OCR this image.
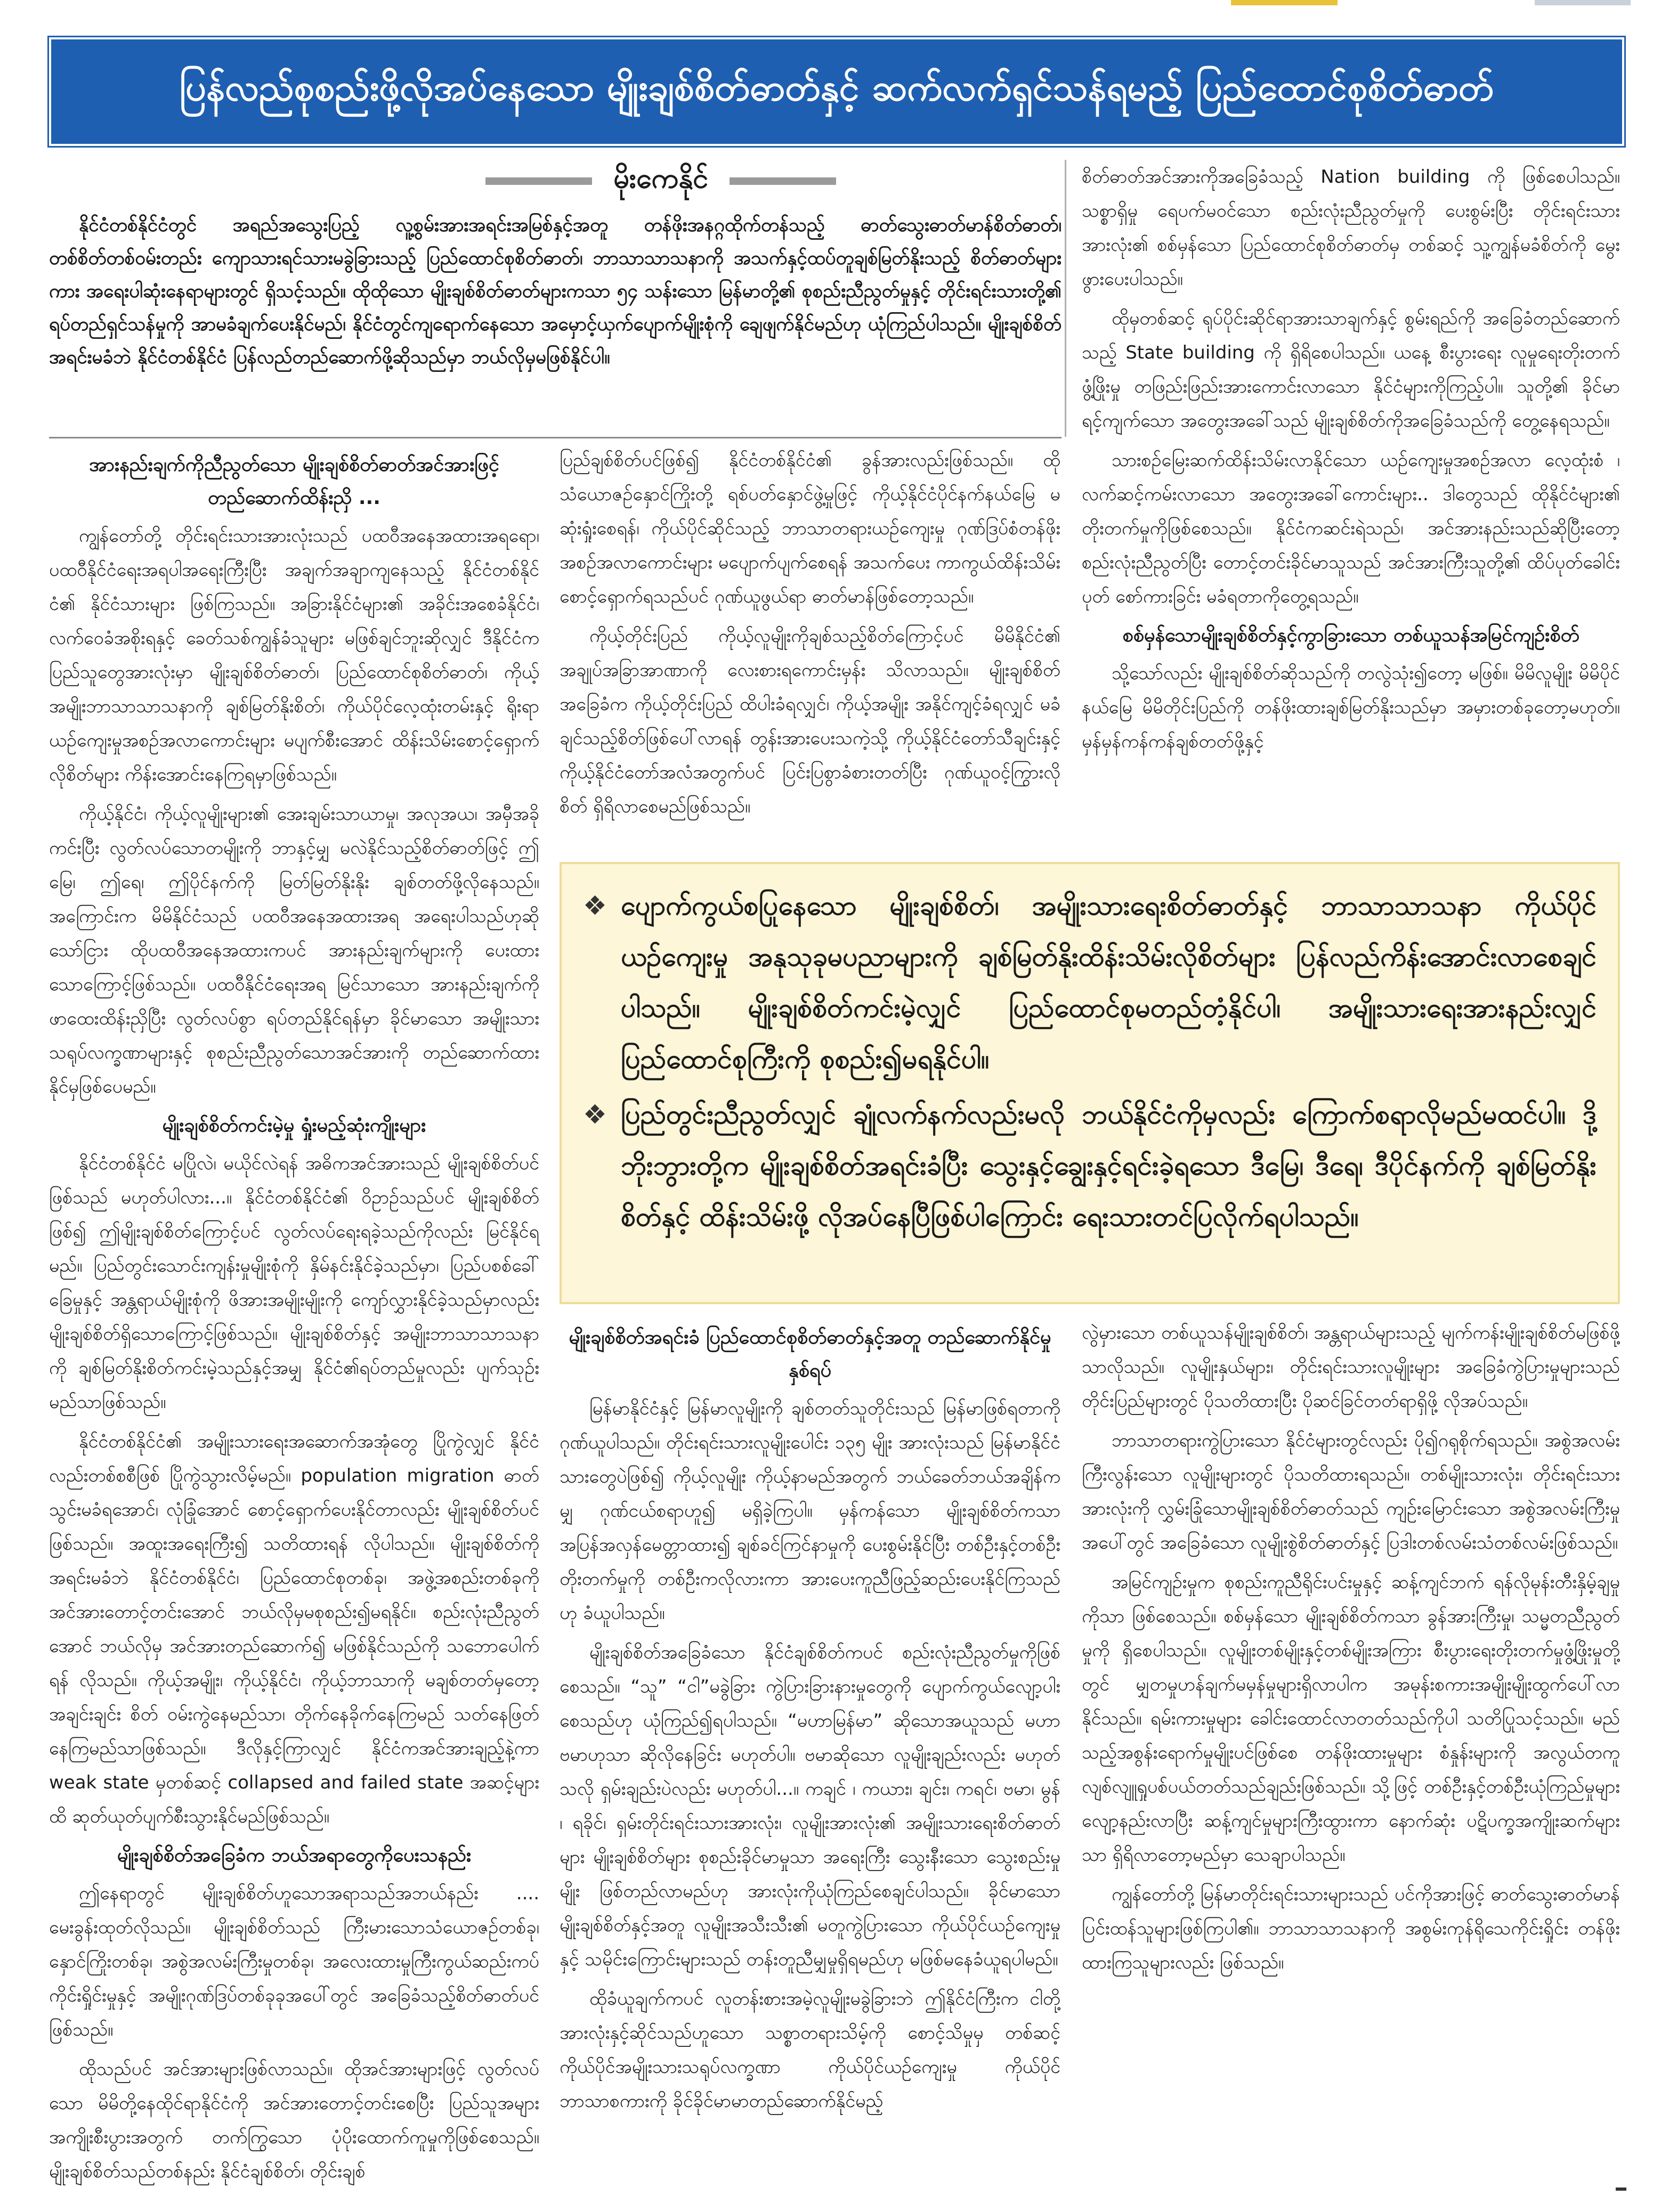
ပြန်လည်စုစည်းဖို့လိုအပ်နေသော မျိုးချစ်စိတ်ဓာတ်နှင့် ဆက်လက်ရှင်သန်ရမည့် ပြည်ထောင်စုစိတ်ဓာတ်
မိုးကေနိုင်

နိုင်ငံတစ်နိုင်ငံတွင် အရည်အသွေးပြည့် လူ့စွမ်းအားအရင်းအမြစ်နှင့်အတူ တန်ဖိုးအနဂ္ဂထိုက်တန်သည့် ဓာတ်သွေးဓာတ်မာန်စိတ်ဓာတ်၊ တစ်စိတ်တစ်ဝမ်းတည်း ကျောသားရင်သားမခွဲခြားသည့် ပြည်ထောင်စုစိတ်ဓာတ်၊ ဘာသာသာသနာကို အသက်နှင့်ထပ်တူချစ်မြတ်နိုးသည့် စိတ်ဓာတ်များကား အရေးပါဆုံးနေရာများတွင် ရှိသင့်သည်။ ထိုထိုသော မျိုးချစ်စိတ်ဓာတ်များကသာ ၅၄ သန်းသော မြန်မာတို့၏ စုစည်းညီညွတ်မှုနှင့် တိုင်းရင်းသားတို့၏ ရပ်တည်ရှင်သန်မှုကို အာမခံချက်ပေးနိုင်မည်၊ နိုင်ငံတွင်ကျရောက်နေသော အမှောင့်ယှက်ပျောက်မျိုးစုံကို ချေဖျက်နိုင်မည်ဟု ယုံကြည်ပါသည်။ မျိုးချစ်စိတ် အရင်းမခံဘဲ နိုင်ငံတစ်နိုင်ငံ ပြန်လည်တည်ဆောက်ဖို့ဆိုသည်မှာ ဘယ်လိုမှမဖြစ်နိုင်ပါ။

အားနည်းချက်ကိုညီညွတ်သော မျိုးချစ်စိတ်ဓာတ်အင်အားဖြင့် တည်ဆောက်ထိန်းညှိ ...

ကျွန်တော်တို့ တိုင်းရင်းသားအားလုံးသည် ပထဝီအနေအထားအရရော၊ ပထဝီနိုင်ငံရေးအရပါအရေးကြီးပြီး အချက်အချာကျနေသည့် နိုင်ငံတစ်နိုင်ငံ၏ နိုင်ငံသားများ ဖြစ်ကြသည်။ အခြားနိုင်ငံများ၏ အခိုင်းအစေခံနိုင်ငံ၊ လက်ဝေခံအစိုးရနှင့် ခေတ်သစ်ကျွန်ခံသူများ မဖြစ်ချင်ဘူးဆိုလျှင် ဒီနိုင်ငံက ပြည်သူတွေအားလုံးမှာ မျိုးချစ်စိတ်ဓာတ်၊ ပြည်ထောင်စုစိတ်ဓာတ်၊ ကိုယ့်အမျိုးဘာသာသာသနာကို ချစ်မြတ်နိုးစိတ်၊ ကိုယ်ပိုင်လေ့ထုံးတမ်းနှင့် ရိုးရာယဉ်ကျေးမှုအစဉ်အလာကောင်းများ မပျက်စီးအောင် ထိန်းသိမ်းစောင့်ရှောက်လိုစိတ်များ ကိန်းအောင်းနေကြရမှာဖြစ်သည်။

ကိုယ့်နိုင်ငံ၊ ကိုယ့်လူမျိုးများ၏ အေးချမ်းသာယာမှု၊ အလုအယ၊ အမှီအခိုကင်းပြီး လွတ်လပ်သောတမျိုးကို ဘာနှင့်မျှ မလဲနိုင်သည့်စိတ်ဓာတ်ဖြင့် ဤမြေ၊ ဤရေ၊ ဤပိုင်နက်ကို မြတ်မြတ်နိုးနိုး ချစ်တတ်ဖို့လိုနေသည်။ အကြောင်းက မိမိနိုင်ငံသည် ပထဝီအနေအထားအရ အရေးပါသည်ဟုဆိုသော်ငြား ထိုပထဝီအနေအထားကပင် အားနည်းချက်များကို ပေးထားသောကြောင့်ဖြစ်သည်။ ပထဝီနိုင်ငံရေးအရ မြင်သာသော အားနည်းချက်ကို ဖာထေးထိန်းညှိပြီး လွတ်လပ်စွာ ရပ်တည်နိုင်ရန်မှာ ခိုင်မာသော အမျိုးသားသရုပ်လက္ခဏာများနှင့် စုစည်းညီညွတ်သောအင်အားကို တည်ဆောက်ထားနိုင်မှဖြစ်ပေမည်။

မျိုးချစ်စိတ်ကင်းမဲ့မှု ရှုံးမည့်ဆုံးကျိုးများ

နိုင်ငံတစ်နိုင်ငံ မပြိုလဲ၊ မယိုင်လဲရန် အဓိကအင်အားသည် မျိုးချစ်စိတ်ပင်ဖြစ်သည် မဟုတ်ပါလား...။ နိုင်ငံတစ်နိုင်ငံ၏ ဝိဥာဉ်သည်ပင် မျိုးချစ်စိတ်ဖြစ်၍ ဤမျိုးချစ်စိတ်ကြောင့်ပင် လွတ်လပ်ရေးရခဲ့သည်ကိုလည်း မြင်နိုင်ရမည်။ ပြည်တွင်းသောင်းကျန်းမှုမျိုးစုံကို နှိမ်နင်းနိုင်ခဲ့သည်မှာ၊ ပြည်ပစစ်ခေါ်ခြေမှုနှင့် အန္တရာယ်မျိုးစုံကို ဖိအားအမျိုးမျိုးကို ကျော်လွှားနိုင်ခဲ့သည်မှာလည်း မျိုးချစ်စိတ်ရှိသောကြောင့်ဖြစ်သည်။ မျိုးချစ်စိတ်နှင့် အမျိုးဘာသာသာသနာကို ချစ်မြတ်နိုးစိတ်ကင်းမဲ့သည်နှင့်အမျှ နိုင်ငံ၏ရပ်တည်မှုလည်း ပျက်သုဉ်းမည်သာဖြစ်သည်။

နိုင်ငံတစ်နိုင်ငံ၏ အမျိုးသားရေးအဆောက်အအုံတွေ ပြိုကွဲလျှင် နိုင်ငံလည်းတစ်စစီဖြစ် ပြိုကွဲသွားလိမ့်မည်။ population migration ဓာတ်သွင်းမခံရအောင်၊ လုံခြုံအောင် စောင့်ရှောက်ပေးနိုင်တာလည်း မျိုးချစ်စိတ်ပင်ဖြစ်သည်။ အထူးအရေးကြီး၍ သတိထားရန် လိုပါသည်။ မျိုးချစ်စိတ်ကို အရင်းမခံဘဲ နိုင်ငံတစ်နိုင်ငံ၊ ပြည်ထောင်စုတစ်ခု၊ အဖွဲ့အစည်းတစ်ခုကို အင်အားတောင့်တင်းအောင် ဘယ်လိုမှမစုစည်း၍မရနိုင်။ စည်းလုံးညီညွတ်အောင် ဘယ်လိုမှ အင်အားတည်ဆောက်၍ မဖြစ်နိုင်သည်ကို သဘောပေါက်ရန် လိုသည်။ ကိုယ့်အမျိုး၊ ကိုယ့်နိုင်ငံ၊ ကိုယ့်ဘာသာကို မချစ်တတ်မှတော့ အချင်းချင်း စိတ် ဝမ်းကွဲနေမည်သာ၊ တိုက်နေခိုက်နေကြမည် သတ်နေဖြတ်နေကြမည်သာဖြစ်သည်။ ဒီလိုနှင့်ကြာလျှင် နိုင်ငံကအင်အားချည့်နဲ့ကာ weak state မှတစ်ဆင့် collapsed and failed state အဆင့်များထိ ဆုတ်ယုတ်ပျက်စီးသွားနိုင်မည်ဖြစ်သည်။

မျိုးချစ်စိတ်အခြေခံက ဘယ်အရာတွေကိုပေးသနည်း

ဤနေရာတွင် မျိုးချစ်စိတ်ဟူသောအရာသည်အဘယ်နည်း .... မေးခွန်းထုတ်လိုသည်။ မျိုးချစ်စိတ်သည် ကြီးမားသောသံယောဇဉ်တစ်ခု၊ နှောင်ကြိုးတစ်ခု၊ အစွဲအလမ်းကြီးမှုတစ်ခု၊ အလေးထားမှုကြီးကွယ်ဆည်းကပ်ကိုင်းရှိုင်းမှုနှင့် အမျိုးဂုဏ်ဒြပ်တစ်ခုခုအပေါ်တွင် အခြေခံသည့်စိတ်ဓာတ်ပင်ဖြစ်သည်။

ထိုသည်ပင် အင်အားများဖြစ်လာသည်။ ထိုအင်အားများဖြင့် လွတ်လပ်သော မိမိတို့နေထိုင်ရာနိုင်ငံကို အင်အားတောင့်တင်းစေပြီး ပြည်သူအများ အကျိုးစီးပွားအတွက် တက်ကြွသော ပုံပိုးထောက်ကူမှုကိုဖြစ်စေသည်။ မျိုးချစ်စိတ်သည်တစ်နည်း နိုင်ငံချစ်စိတ်၊ တိုင်းချစ်

ပြည်ချစ်စိတ်ပင်ဖြစ်၍ နိုင်ငံတစ်နိုင်ငံ၏ ခွန်အားလည်းဖြစ်သည်။ ထိုသံယောဇဉ်နှောင်ကြိုးတို့ ရစ်ပတ်နှောင်ဖွဲ့မှုဖြင့် ကိုယ့်နိုင်ငံပိုင်နက်နယ်မြေ မဆုံးရှုံးစေရန်၊ ကိုယ်ပိုင်ဆိုင်သည့် ဘာသာတရားယဉ်ကျေးမှု ဂုဏ်ဒြပ်စံတန်ဖိုး အစဉ်အလာကောင်းများ မပျောက်ပျက်စေရန် အသက်ပေး ကာကွယ်ထိန်းသိမ်းစောင့်ရှောက်ရသည်ပင် ဂုဏ်ယူဖွယ်ရာ ဓာတ်မာန်ဖြစ်တော့သည်။

ကိုယ့်တိုင်းပြည် ကိုယ့်လူမျိုးကိုချစ်သည့်စိတ်ကြောင့်ပင် မိမိနိုင်ငံ၏ အချုပ်အခြာအာဏာကို လေးစားရကောင်းမှန်း သိလာသည်။ မျိုးချစ်စိတ်အခြေခံက ကိုယ့်တိုင်းပြည် ထိပါးခံရလျှင်၊ ကိုယ့်အမျိုး အနိုင်ကျင့်ခံရလျှင် မခံချင်သည့်စိတ်ဖြစ်ပေါ်လာရန် တွန်းအားပေးသကဲ့သို့ ကိုယ့်နိုင်ငံတော်သီချင်းနှင့် ကိုယ့်နိုင်ငံတော်အလံအတွက်ပင် ပြင်းပြစွာခံစားတတ်ပြီး ဂုဏ်ယူဝင့်ကြွားလိုစိတ် ရှိရိလာစေမည်ဖြစ်သည်။

စိတ်ဓာတ်အင်အားကိုအခြေခံသည့် Nation building ကို ဖြစ်စေပါသည်။ သစ္စာရှိမှု ရေပက်မဝင်သော စည်းလုံးညီညွတ်မှုကို ပေးစွမ်းပြီး တိုင်းရင်းသားအားလုံး၏ စစ်မှန်သော ပြည်ထောင်စုစိတ်ဓာတ်မှ တစ်ဆင့် သူ့ကျွန်မခံစိတ်ကို မွေးဖွားပေးပါသည်။

ထိုမှတစ်ဆင့် ရုပ်ပိုင်းဆိုင်ရာအားသာချက်နှင့် စွမ်းရည်ကို အခြေခံတည်ဆောက်သည့် State building ကို ရှိရိစေပါသည်။ ယနေ့ စီးပွားရေး လူမှုရေးတိုးတက်ဖွံ့ဖြိုးမှု တဖြည်းဖြည်းအားကောင်းလာသော နိုင်ငံများကိုကြည့်ပါ။ သူတို့၏ ခိုင်မာရင့်ကျက်သော အတွေးအခေါ်သည် မျိုးချစ်စိတ်ကိုအခြေခံသည်ကို တွေ့နေရသည်။

သားစဉ်မြေးဆက်ထိန်းသိမ်းလာနိုင်သော ယဉ်ကျေးမှုအစဉ်အလာ လေ့ထုံးစံ ၊ လက်ဆင့်ကမ်းလာသော အတွေးအခေါ်ကောင်းများ.. ဒါတွေသည် ထိုနိုင်ငံများ၏ တိုးတက်မှုကိုဖြစ်စေသည်။ နိုင်ငံကဆင်းရဲသည်၊ အင်အားနည်းသည်ဆိုပြီးတော့ စည်းလုံးညီညွတ်ပြီး တောင့်တင်းခိုင်မာသူသည် အင်အားကြီးသူတို့၏ ထိပ်ပုတ်ခေါင်းပုတ် စော်ကားခြင်း မခံရတာကိုတွေ့ရသည်။

စစ်မှန်သောမျိုးချစ်စိတ်နှင့်ကွာခြားသော တစ်ယူသန်အမြင်ကျဉ်းစိတ်

သို့သော်လည်း မျိုးချစ်စိတ်ဆိုသည်ကို တလွဲသုံး၍တော့ မဖြစ်။ မိမိလူမျိုး မိမိပိုင်နယ်မြေ မိမိတိုင်းပြည်ကို တန်ဖိုးထားချစ်မြတ်နိုးသည်မှာ အမှားတစ်ခုတော့မဟုတ်။ မှန်မှန်ကန်ကန်ချစ်တတ်ဖို့နှင့်

❖ ပျောက်ကွယ်စပြုနေသော မျိုးချစ်စိတ်၊ အမျိုးသားရေးစိတ်ဓာတ်နှင့် ဘာသာသာသနာ ကိုယ်ပိုင်ယဉ်ကျေးမှု အနုသုခုမပညာများကို ချစ်မြတ်နိုးထိန်းသိမ်းလိုစိတ်များ ပြန်လည်ကိန်းအောင်းလာစေချင်ပါသည်။ မျိုးချစ်စိတ်ကင်းမဲ့လျှင် ပြည်ထောင်စုမတည်တံ့နိုင်ပါ၊ အမျိုးသားရေးအားနည်းလျှင် ပြည်ထောင်စုကြီးကို စုစည်း၍မရနိုင်ပါ။
❖ ပြည်တွင်းညီညွတ်လျှင် ချုံလက်နက်လည်းမလို ဘယ်နိုင်ငံကိုမှလည်း ကြောက်စရာလိုမည်မထင်ပါ။ ဒို့ဘိုးဘွားတို့က မျိုးချစ်စိတ်အရင်းခံပြီး သွေးနှင့်ချွေးနှင့်ရင်းခဲ့ရသော ဒီမြေ၊ ဒီရေ၊ ဒီပိုင်နက်ကို ချစ်မြတ်နိုးစိတ်နှင့် ထိန်းသိမ်းဖို့ လိုအပ်နေပြီဖြစ်ပါကြောင်း ရေးသားတင်ပြလိုက်ရပါသည်။
မျိုးချစ်စိတ်အရင်းခံ ပြည်ထောင်စုစိတ်ဓာတ်နှင့်အတူ တည်ဆောက်နိုင်မှုနှစ်ရပ်

မြန်မာနိုင်ငံနှင့် မြန်မာလူမျိုးကို ချစ်တတ်သူတိုင်းသည် မြန်မာဖြစ်ရတာကို ဂုဏ်ယူပါသည်။ တိုင်းရင်းသားလူမျိုးပေါင်း ၁၃၅ မျိုး အားလုံးသည် မြန်မာနိုင်ငံသားတွေပဲဖြစ်၍ ကိုယ့်လူမျိုး ကိုယ့်နာမည်အတွက် ဘယ်ခေတ်ဘယ်အချိန်ကမျှ ဂုဏ်ငယ်စရာဟူ၍ မရှိခဲ့ကြပါ။ မှန်ကန်သော မျိုးချစ်စိတ်ကသာ အပြန်အလှန်မေတ္တာထား၍ ချစ်ခင်ကြင်နာမှုကို ပေးစွမ်းနိုင်ပြီး တစ်ဦးနှင့်တစ်ဦးတိုးတက်မှုကို တစ်ဦးကလိုလားကာ အားပေးကူညီဖြည့်ဆည်းပေးနိုင်ကြသည်ဟု ခံယူပါသည်။

မျိုးချစ်စိတ်အခြေခံသော နိုင်ငံချစ်စိတ်ကပင် စည်းလုံးညီညွတ်မှုကိုဖြစ်စေသည်။ “သူ” “ငါ”မခွဲခြား ကွဲပြားခြားနားမှုတွေကို ပျောက်ကွယ်လျော့ပါးစေသည်ဟု ယုံကြည်၍ရပါသည်။ “မဟာမြန်မာ” ဆိုသောအယူသည် မဟာဗမာဟုသာ ဆိုလိုနေခြင်း မဟုတ်ပါ။ ဗမာဆိုသော လူမျိုးချည်းလည်း မဟုတ်သလို ရှမ်းချည်းပဲလည်း မဟုတ်ပါ...။ ကချင် ၊ ကယား၊ ချင်း၊ ကရင်၊ ဗမာ၊ မွန် ၊ ရခိုင်၊ ရှမ်းတိုင်းရင်းသားအားလုံး၊ လူမျိုးအားလုံး၏ အမျိုးသားရေးစိတ်ဓာတ်များ မျိုးချစ်စိတ်များ စုစည်းခိုင်မာမှုသာ အရေးကြီး သွေးနီးသော သွေးစည်းမှုမျိုး ဖြစ်တည်လာမည်ဟု အားလုံးကိုယုံကြည်စေချင်ပါသည်။ ခိုင်မာသော မျိုးချစ်စိတ်နှင့်အတူ လူမျိုးအသီးသီး၏ မတူကွဲပြားသော ကိုယ်ပိုင်ယဉ်ကျေးမှုနှင့် သမိုင်းကြောင်းများသည် တန်းတူညီမျှမှုရှိရမည်ဟု မဖြစ်မနေခံယူရပါမည်။

ထိုခံယူချက်ကပင် လူတန်းစားအမဲ့လူမျိုးမခွဲခြားဘဲ ဤနိုင်ငံကြီးက ငါတို့အားလုံးနှင့်ဆိုင်သည်ဟူသော သစ္စာတရားသိမ့်ကို စောင့်သိမှုမှ တစ်ဆင့် ကိုယ်ပိုင်အမျိုးသားသရုပ်လက္ခဏာ ကိုယ်ပိုင်ယဉ်ကျေးမှု ကိုယ်ပိုင်ဘာသာစကားကို ခိုင်ခိုင်မာမာတည်ဆောက်နိုင်မည့်

လွဲမှားသော တစ်ယူသန်မျိုးချစ်စိတ်၊ အန္တရာယ်များသည့် မျက်ကန်းမျိုးချစ်စိတ်မဖြစ်ဖို့သာလိုသည်။ လူမျိုးနှယ်များ၊ တိုင်းရင်းသားလူမျိုးများ အခြေခံကွဲပြားမှုများသည် တိုင်းပြည်များတွင် ပိုသတိထားပြီး ပိုဆင်ခြင်တတ်ရာရှိဖို့ လိုအပ်သည်။

ဘာသာတရားကွဲပြားသော နိုင်ငံများတွင်လည်း ပို၍ဂရုစိုက်ရသည်။ အစွဲအလမ်းကြီးလွန်းသော လူမျိုးများတွင် ပိုသတိထားရသည်။ တစ်မျိုးသားလုံး၊ တိုင်းရင်းသားအားလုံးကို လွှမ်းခြုံသောမျိုးချစ်စိတ်ဓာတ်သည် ကျဉ်းမြောင်းသော အစွဲအလမ်းကြီးမှုအပေါ်တွင် အခြေခံသော လူမျိုးစွဲစိတ်ဓာတ်နှင့် ပြဒါးတစ်လမ်းသံတစ်လမ်းဖြစ်သည်။

အမြင်ကျဉ်းမှုက စုစည်းကူညီရိုင်းပင်းမှုနှင့် ဆန့်ကျင်ဘက် ရန်လိုမုန်းတီးနှိမ့်ချမှုကိုသာ ဖြစ်စေသည်။ စစ်မှန်သော မျိုးချစ်စိတ်ကသာ ခွန်အားကြီးမှု၊ သမ္မတညီညွတ်မှုကို ရှိစေပါသည်။ လူမျိုးတစ်မျိုးနှင့်တစ်မျိုးအကြား စီးပွားရေးတိုးတက်မှုဖွံ့ဖြိုးမှုတို့တွင် မျှတမှုဟန်ချက်မမှန်မှုများရှိလာပါက အမုန်းစကားအမျိုးမျိုးထွက်ပေါ်လာနိုင်သည်။ ရမ်းကားမှုများ ခေါင်းထောင်လာတတ်သည်ကိုပါ သတိပြုသင့်သည်။ မည်သည့်အစွန်းရောက်မှုမျိုးပင်ဖြစ်စေ တန်ဖိုးထားမှုများ စံနှုန်းများကို အလွယ်တကူ လျစ်လျူရှုပစ်ပယ်တတ်သည်ချည်းဖြစ်သည်။ သို့ဖြင့် တစ်ဦးနှင့်တစ်ဦးယုံကြည်မှုများ လျော့နည်းလာပြီး ဆန့်ကျင်မှုများကြီးထွားကာ နောက်ဆုံး ပဋိပက္ခအကျိုးဆက်များသာ ရှိရိလာတော့မည်မှာ သေချာပါသည်။

ကျွန်တော်တို့ မြန်မာတိုင်းရင်းသားများသည် ပင်ကိုအားဖြင့် ဓာတ်သွေးဓာတ်မာန် ပြင်းထန်သူများဖြစ်ကြပါ၏။ ဘာသာသာသနာကို အစွမ်းကုန်ရိုသေကိုင်းရှိုင်း တန်ဖိုးထားကြသူများလည်း ဖြစ်သည်။
